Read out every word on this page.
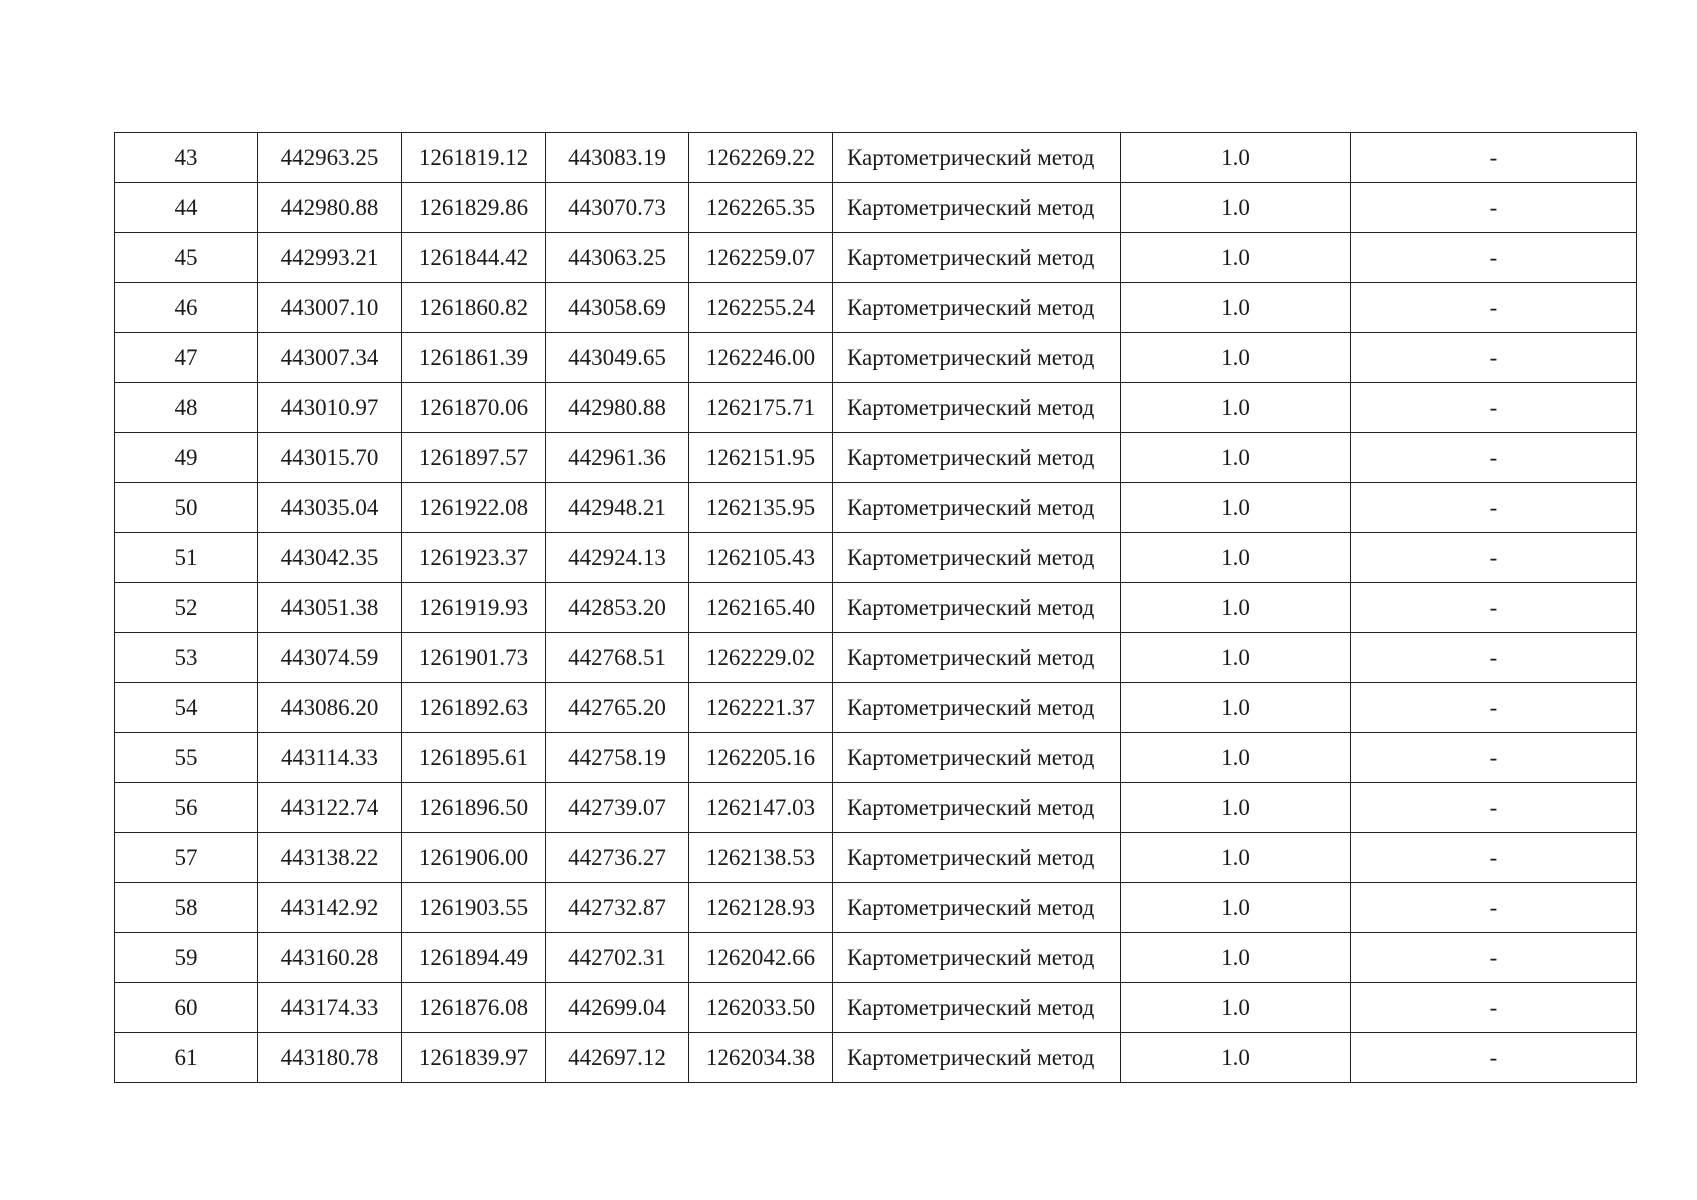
43	442963.25	1261819.12	443083.19	1262269.22	Картометрический метод	1.0	-
44	442980.88	1261829.86	443070.73	1262265.35	Картометрический метод	1.0	-
45	442993.21	1261844.42	443063.25	1262259.07	Картометрический метод	1.0	-
46	443007.10	1261860.82	443058.69	1262255.24	Картометрический метод	1.0	-
47	443007.34	1261861.39	443049.65	1262246.00	Картометрический метод	1.0	-
48	443010.97	1261870.06	442980.88	1262175.71	Картометрический метод	1.0	-
49	443015.70	1261897.57	442961.36	1262151.95	Картометрический метод	1.0	-
50	443035.04	1261922.08	442948.21	1262135.95	Картометрический метод	1.0	-
51	443042.35	1261923.37	442924.13	1262105.43	Картометрический метод	1.0	-
52	443051.38	1261919.93	442853.20	1262165.40	Картометрический метод	1.0	-
53	443074.59	1261901.73	442768.51	1262229.02	Картометрический метод	1.0	-
54	443086.20	1261892.63	442765.20	1262221.37	Картометрический метод	1.0	-
55	443114.33	1261895.61	442758.19	1262205.16	Картометрический метод	1.0	-
56	443122.74	1261896.50	442739.07	1262147.03	Картометрический метод	1.0	-
57	443138.22	1261906.00	442736.27	1262138.53	Картометрический метод	1.0	-
58	443142.92	1261903.55	442732.87	1262128.93	Картометрический метод	1.0	-
59	443160.28	1261894.49	442702.31	1262042.66	Картометрический метод	1.0	-
60	443174.33	1261876.08	442699.04	1262033.50	Картометрический метод	1.0	-
61	443180.78	1261839.97	442697.12	1262034.38	Картометрический метод	1.0	-
